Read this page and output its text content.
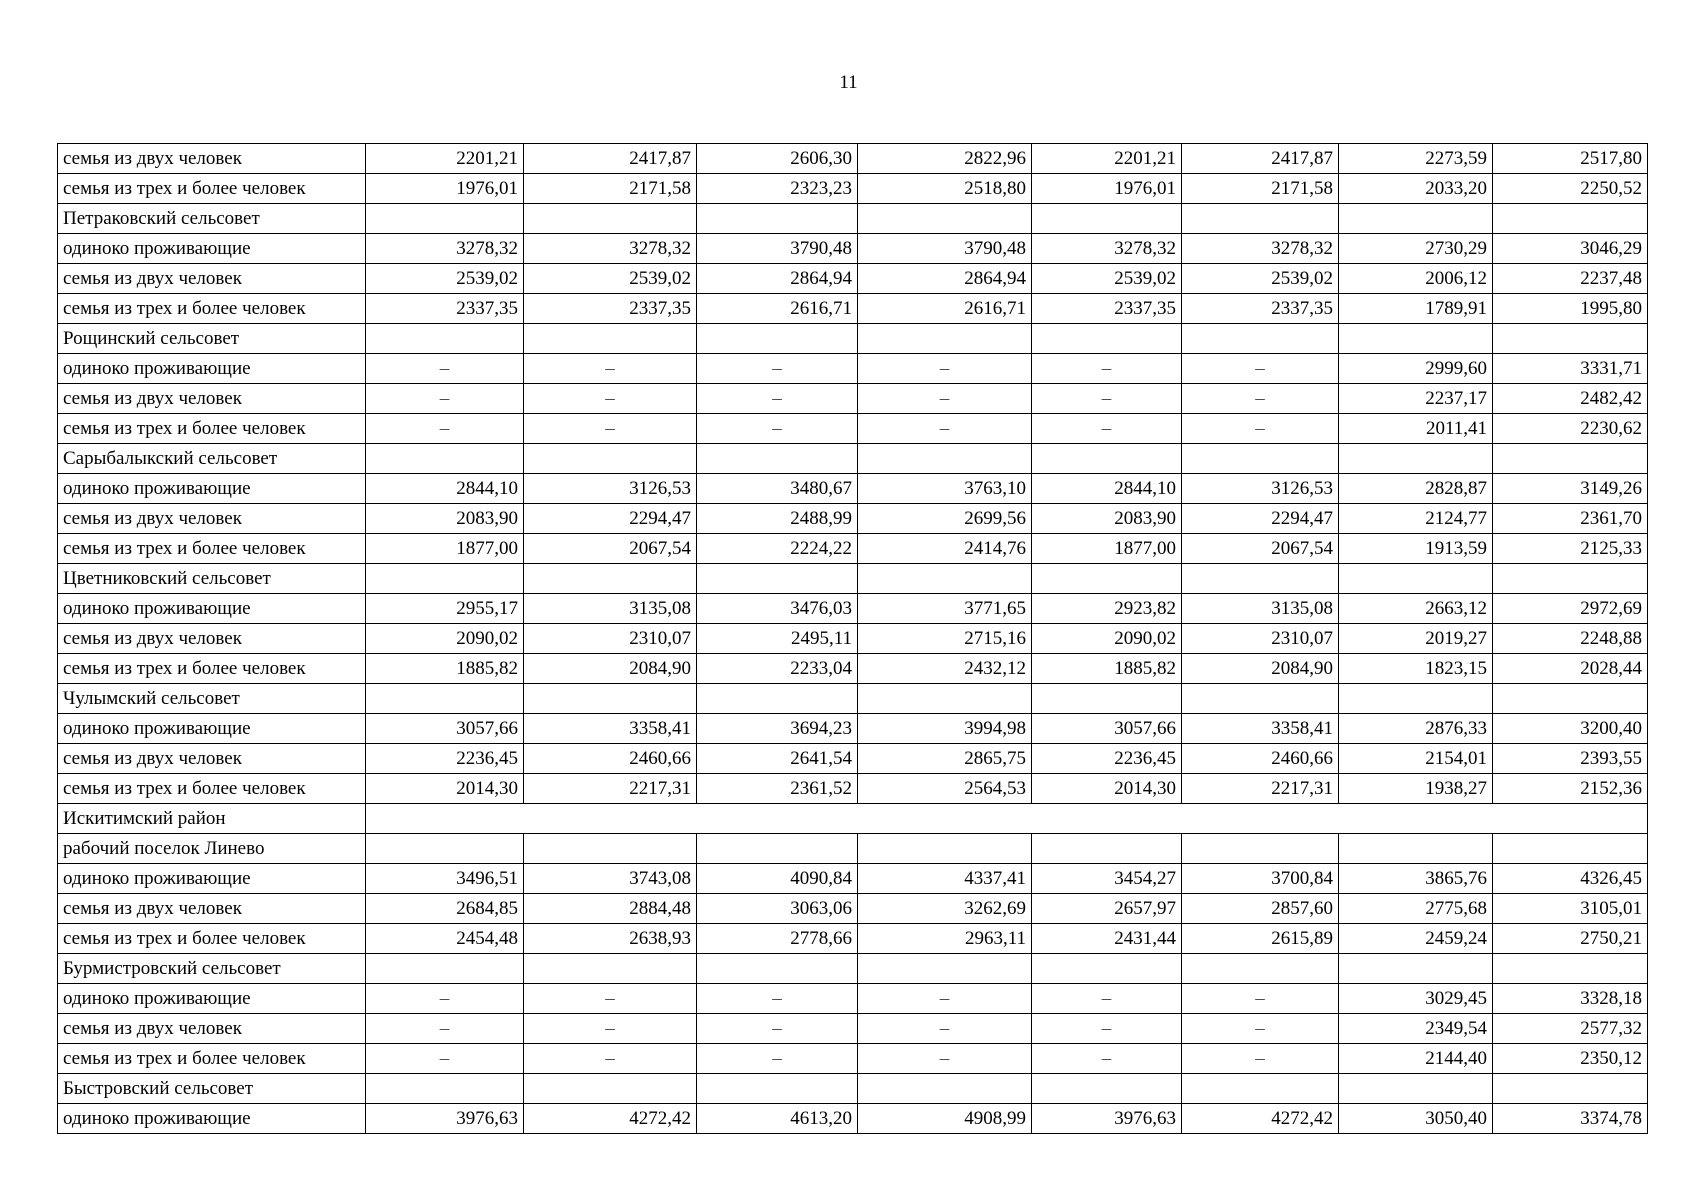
11
семья из двух человек	2201,21	2417,87	2606,30	2822,96	2201,21	2417,87	2273,59	2517,80
семья из трех и более человек	1976,01	2171,58	2323,23	2518,80	1976,01	2171,58	2033,20	2250,52
Петраковский сельсовет								
одиноко проживающие	3278,32	3278,32	3790,48	3790,48	3278,32	3278,32	2730,29	3046,29
семья из двух человек	2539,02	2539,02	2864,94	2864,94	2539,02	2539,02	2006,12	2237,48
семья из трех и более человек	2337,35	2337,35	2616,71	2616,71	2337,35	2337,35	1789,91	1995,80
Рощинский сельсовет								
одиноко проживающие	–	–	–	–	–	–	2999,60	3331,71
семья из двух человек	–	–	–	–	–	–	2237,17	2482,42
семья из трех и более человек	–	–	–	–	–	–	2011,41	2230,62
Сарыбалыкский сельсовет								
одиноко проживающие	2844,10	3126,53	3480,67	3763,10	2844,10	3126,53	2828,87	3149,26
семья из двух человек	2083,90	2294,47	2488,99	2699,56	2083,90	2294,47	2124,77	2361,70
семья из трех и более человек	1877,00	2067,54	2224,22	2414,76	1877,00	2067,54	1913,59	2125,33
Цветниковский сельсовет								
одиноко проживающие	2955,17	3135,08	3476,03	3771,65	2923,82	3135,08	2663,12	2972,69
семья из двух человек	2090,02	2310,07	2495,11	2715,16	2090,02	2310,07	2019,27	2248,88
семья из трех и более человек	1885,82	2084,90	2233,04	2432,12	1885,82	2084,90	1823,15	2028,44
Чулымский сельсовет								
одиноко проживающие	3057,66	3358,41	3694,23	3994,98	3057,66	3358,41	2876,33	3200,40
семья из двух человек	2236,45	2460,66	2641,54	2865,75	2236,45	2460,66	2154,01	2393,55
семья из трех и более человек	2014,30	2217,31	2361,52	2564,53	2014,30	2217,31	1938,27	2152,36
Искитимский район								
рабочий поселок Линево								
одиноко проживающие	3496,51	3743,08	4090,84	4337,41	3454,27	3700,84	3865,76	4326,45
семья из двух человек	2684,85	2884,48	3063,06	3262,69	2657,97	2857,60	2775,68	3105,01
семья из трех и более человек	2454,48	2638,93	2778,66	2963,11	2431,44	2615,89	2459,24	2750,21
Бурмистровский сельсовет								
одиноко проживающие	–	–	–	–	–	–	3029,45	3328,18
семья из двух человек	–	–	–	–	–	–	2349,54	2577,32
семья из трех и более человек	–	–	–	–	–	–	2144,40	2350,12
Быстровский сельсовет								
одиноко проживающие	3976,63	4272,42	4613,20	4908,99	3976,63	4272,42	3050,40	3374,78
